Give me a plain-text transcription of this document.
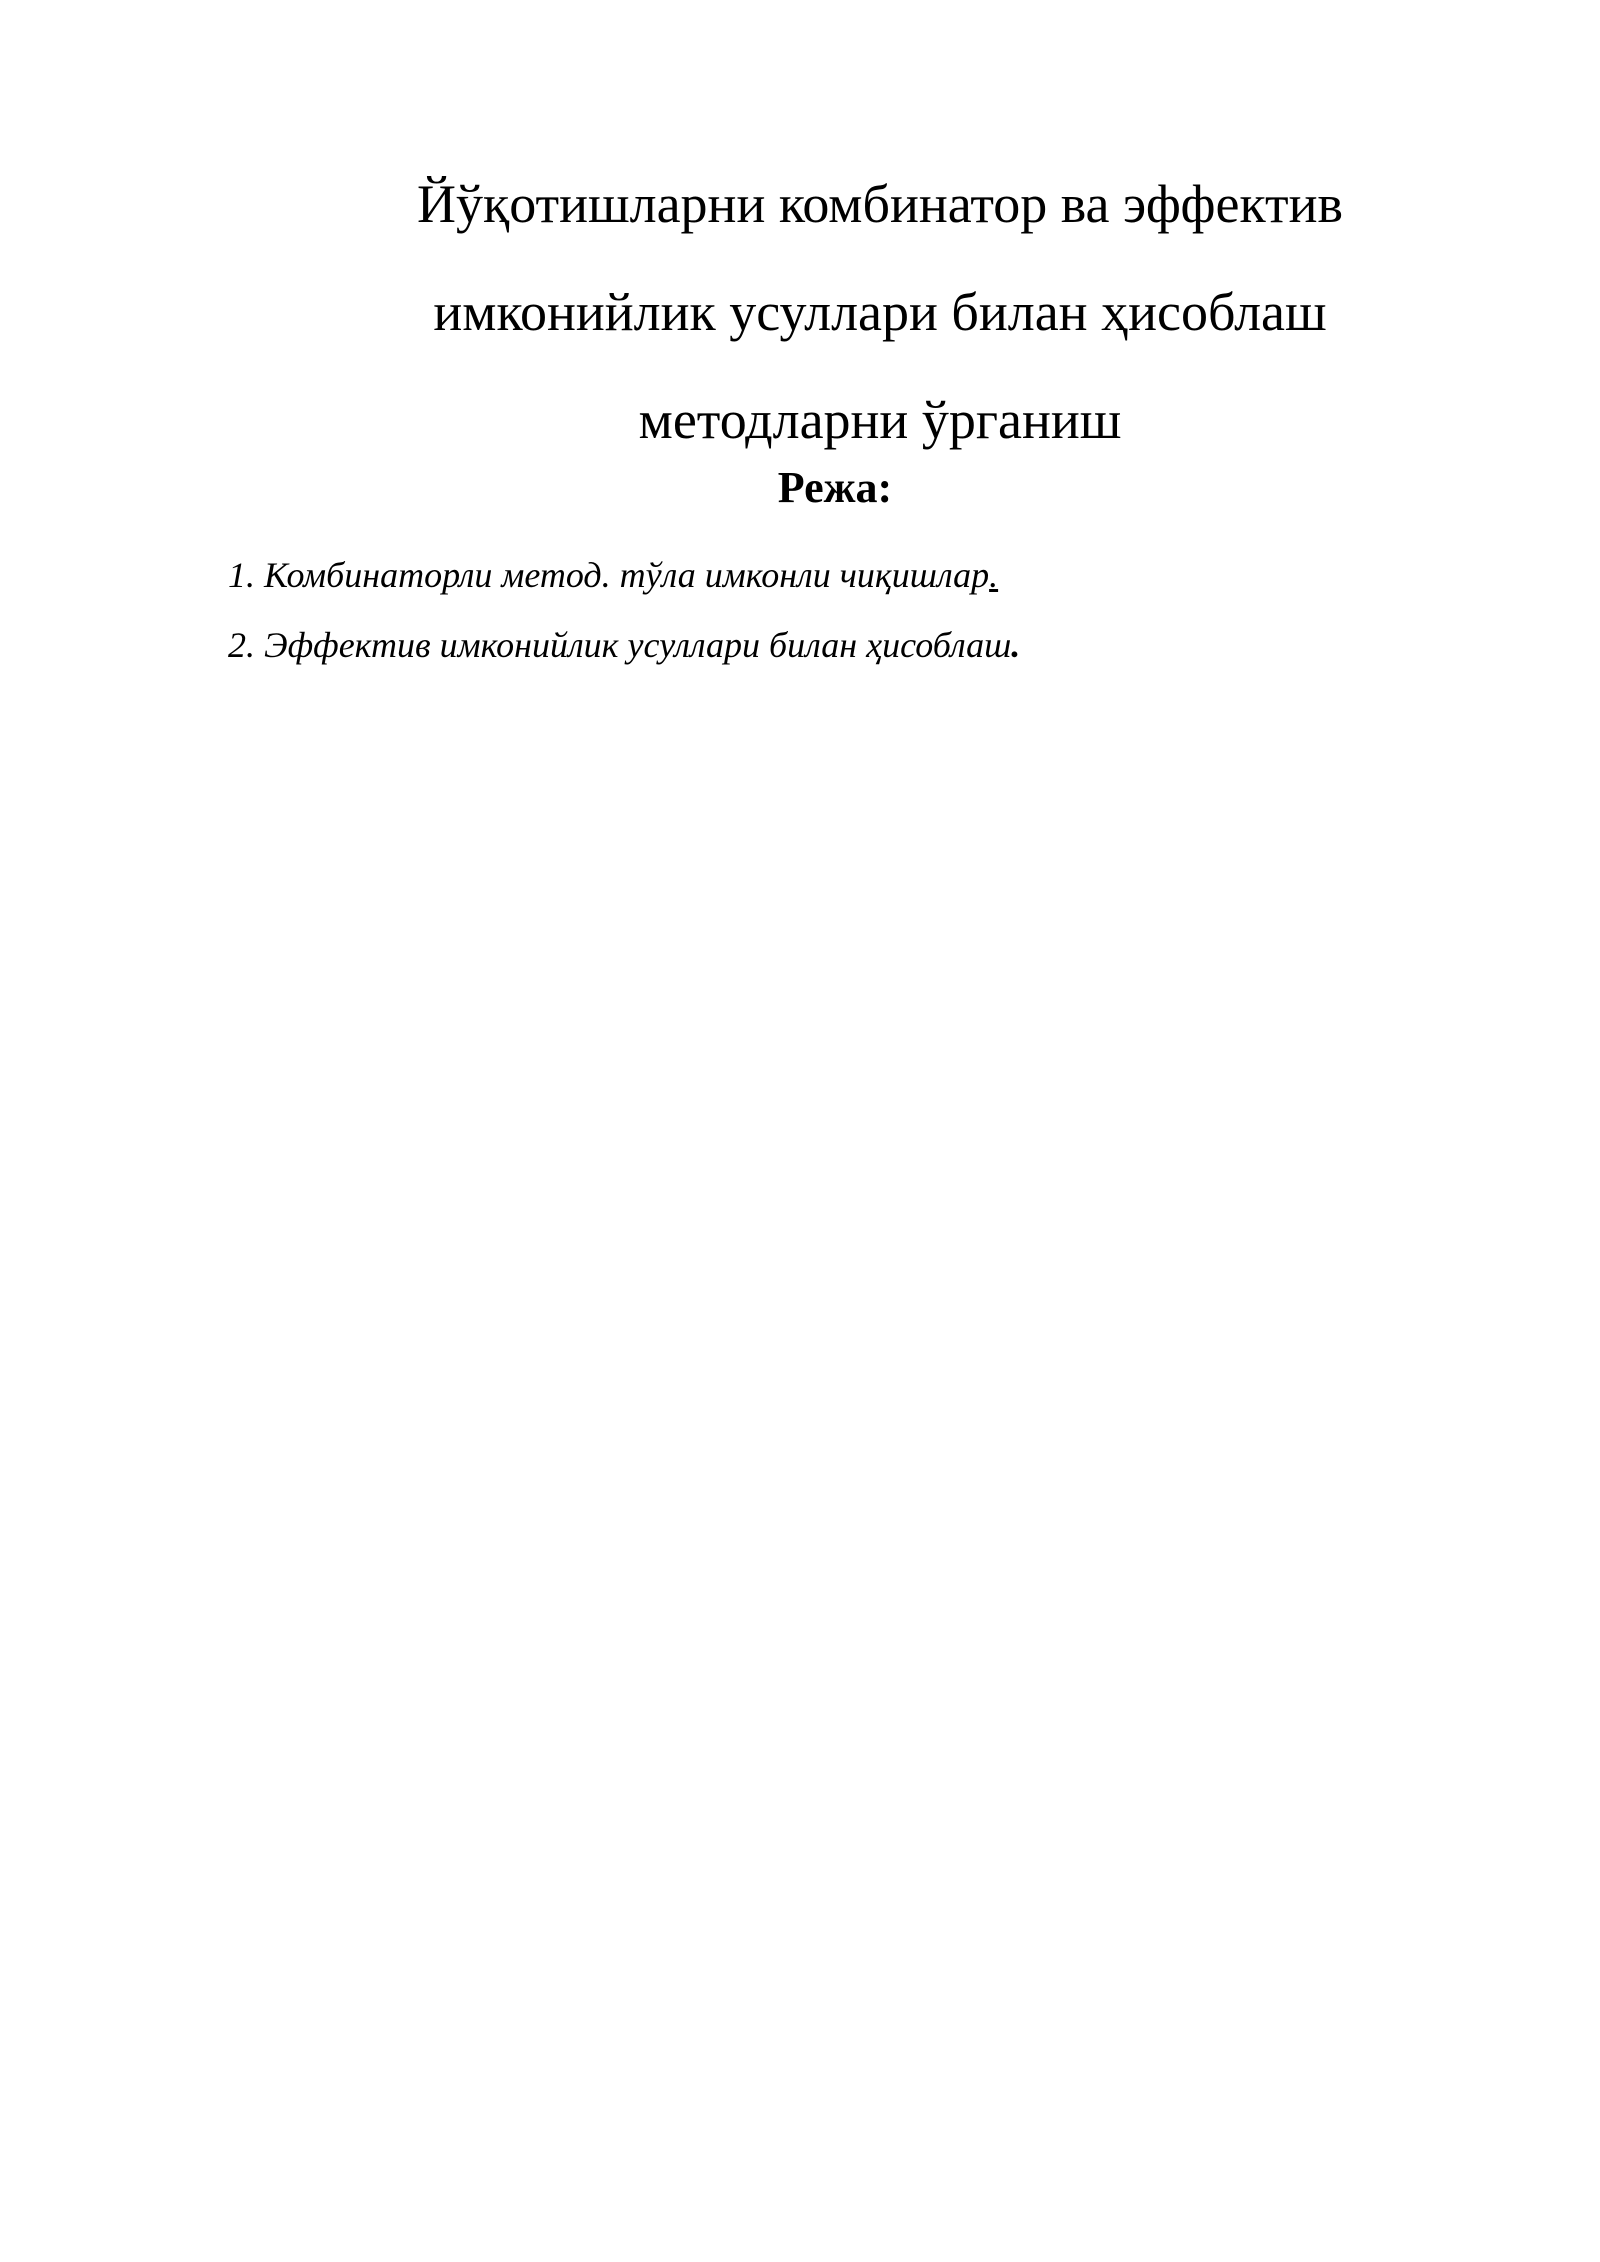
Йўқотишларни комбинатор ва эффектив
имконийлик усуллари билан ҳисоблаш
методларни ўрганиш
Режа:
1. Комбинаторли метод. тўла имконли чиқишлар.
2. Эффектив имконийлик усуллари билан ҳисоблаш.
